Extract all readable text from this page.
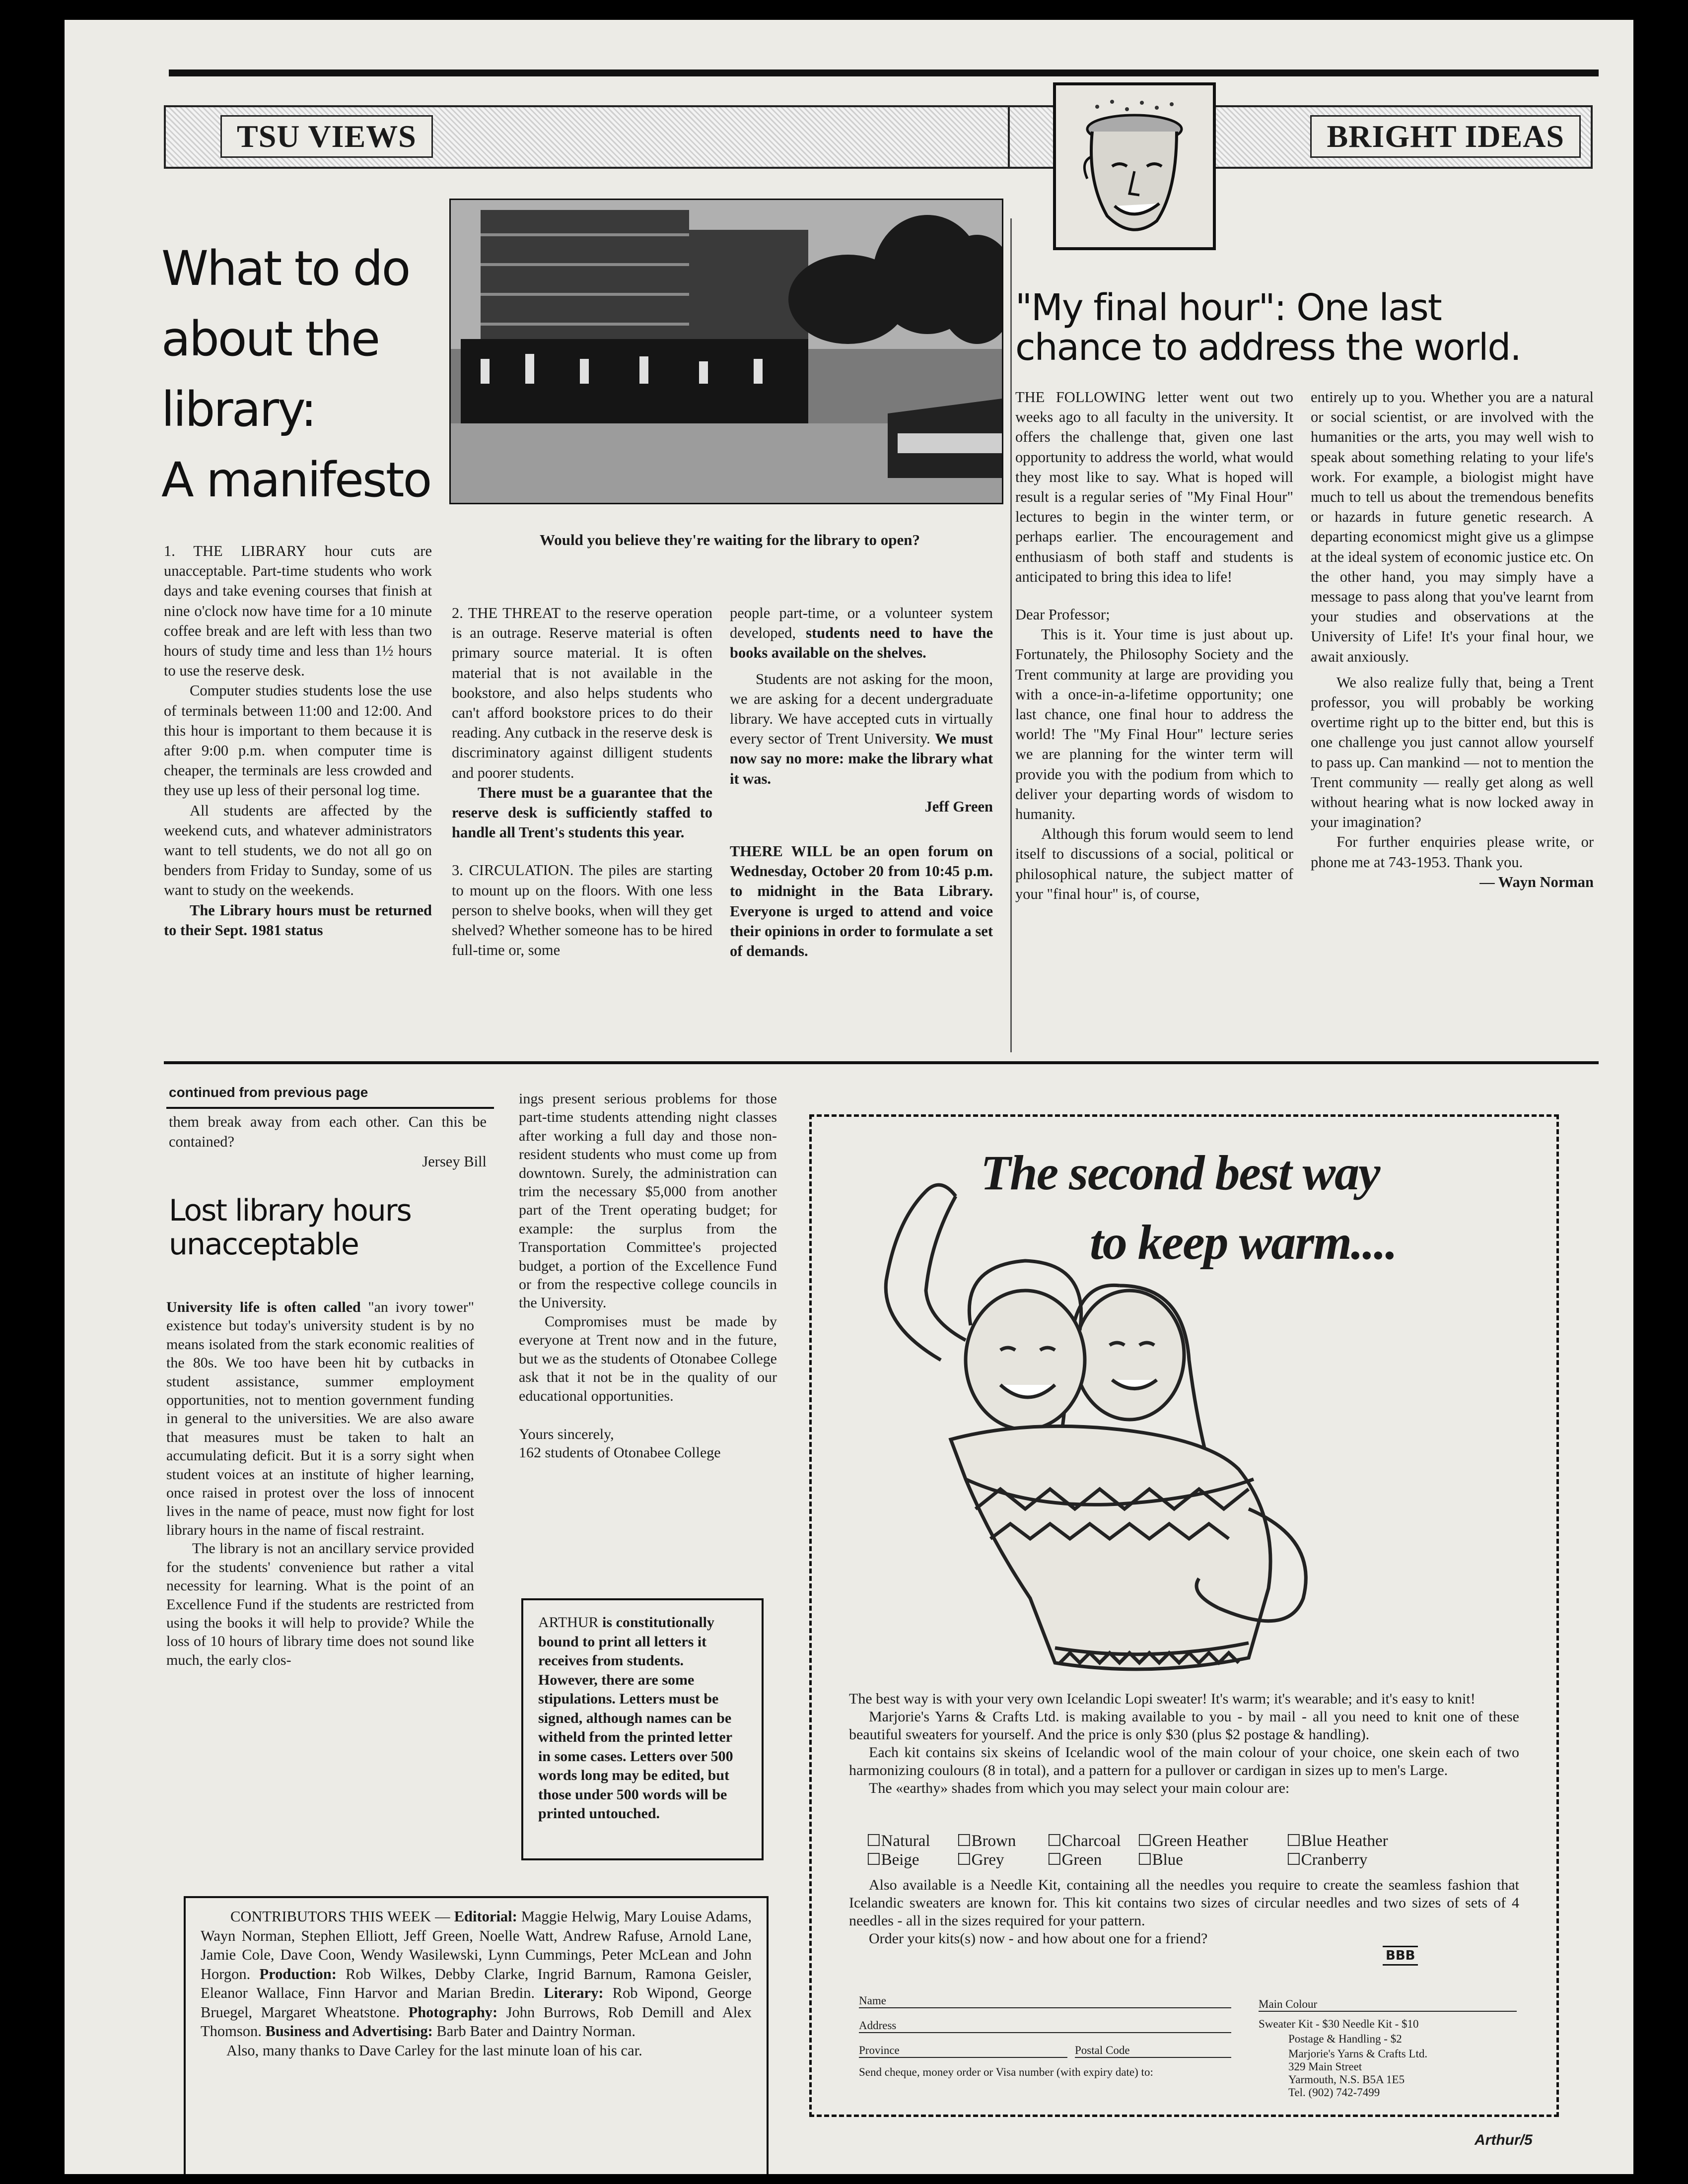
TSU VIEWS	BRIGHT IDEAS
What to do
about the
library:
A manifesto
Would you believe they're waiting for the library to open?

1. THE LIBRARY hour cuts are unacceptable. Part-time students who work days and take evening courses that finish at nine o'clock now have time for a 10 minute coffee break and are left with less than two hours of study time and less than 1½ hours to use the reserve desk.

Computer studies students lose the use of terminals between 11:00 and 12:00. And this hour is important to them because it is after 9:00 p.m. when computer time is cheaper, the terminals are less crowded and they use up less of their personal log time.

All students are affected by the weekend cuts, and whatever administrators want to tell students, we do not all go on benders from Friday to Sunday, some of us want to study on the weekends.

The Library hours must be returned to their Sept. 1981 status

2. THE THREAT to the reserve operation is an outrage. Reserve material is often primary source material. It is often material that is not available in the bookstore, and also helps students who can't afford bookstore prices to do their reading. Any cutback in the reserve desk is discriminatory against dilligent students and poorer students.

There must be a guarantee that the reserve desk is sufficiently staffed to handle all Trent's students this year.

3. CIRCULATION. The piles are starting to mount up on the floors. With one less person to shelve books, when will they get shelved? Whether someone has to be hired full-time or, some

people part-time, or a volunteer system developed, students need to have the books available on the shelves.

Students are not asking for the moon, we are asking for a decent undergraduate library. We have accepted cuts in virtually every sector of Trent University. We must now say no more: make the library what it was.

Jeff Green

THERE WILL be an open forum on Wednesday, October 20 from 10:45 p.m. to midnight in the Bata Library. Everyone is urged to attend and voice their opinions in order to formulate a set of demands.

"My final hour": One last
chance to address the world.

THE FOLLOWING letter went out two weeks ago to all faculty in the university. It offers the challenge that, given one last opportunity to address the world, what would they most like to say. What is hoped will result is a regular series of "My Final Hour" lectures to begin in the winter term, or perhaps earlier. The encouragement and enthusiasm of both staff and students is anticipated to bring this idea to life!

Dear Professor;

This is it. Your time is just about up. Fortunately, the Philosophy Society and the Trent community at large are providing you with a once-in-a-lifetime opportunity; one last chance, one final hour to address the world! The "My Final Hour" lecture series we are planning for the winter term will provide you with the podium from which to deliver your departing words of wisdom to humanity.

Although this forum would seem to lend itself to discussions of a social, political or philosophical nature, the subject matter of your "final hour" is, of course,

entirely up to you. Whether you are a natural or social scientist, or are involved with the humanities or the arts, you may well wish to speak about something relating to your life's work. For example, a biologist might have much to tell us about the tremendous benefits or hazards in future genetic research. A departing economicst might give us a glimpse at the ideal system of economic justice etc. On the other hand, you may simply have a message to pass along that you've learnt from your studies and observations at the University of Life! It's your final hour, we await anxiously.

We also realize fully that, being a Trent professor, you will probably be working overtime right up to the bitter end, but this is one challenge you just cannot allow yourself to pass up. Can mankind — not to mention the Trent community — really get along as well without hearing what is now locked away in your imagination?

For further enquiries please write, or phone me at 743-1953. Thank you.

— Wayn Norman

continued from previous page

them break away from each other. Can this be contained?

Jersey Bill

Lost library hours
unacceptable

University life is often called "an ivory tower" existence but today's university student is by no means isolated from the stark economic realities of the 80s. We too have been hit by cutbacks in student assistance, summer employment opportunities, not to mention government funding in general to the universities. We are also aware that measures must be taken to halt an accumulating deficit. But it is a sorry sight when student voices at an institute of higher learning, once raised in protest over the loss of innocent lives in the name of peace, must now fight for lost library hours in the name of fiscal restraint.

The library is not an ancillary service provided for the students' convenience but rather a vital necessity for learning. What is the point of an Excellence Fund if the students are restricted from using the books it will help to provide? While the loss of 10 hours of library time does not sound like much, the early clos-

ings present serious problems for those part-time students attending night classes after working a full day and those non-resident students who must come up from downtown. Surely, the administration can trim the necessary $5,000 from another part of the Trent operating budget; for example: the surplus from the Transportation Committee's projected budget, a portion of the Excellence Fund or from the respective college councils in the University.

Compromises must be made by everyone at Trent now and in the future, but we as the students of Otonabee College ask that it not be in the quality of our educational opportunities.

Yours sincerely,

162 students of Otonabee College

ARTHUR is constitutionally bound to print all letters it receives from students. However, there are some stipulations. Letters must be signed, although names can be witheld from the printed letter in some cases. Letters over 500 words long may be edited, but those under 500 words will be printed untouched.

CONTRIBUTORS THIS WEEK — Editorial: Maggie Helwig, Mary Louise Adams, Wayn Norman, Stephen Elliott, Jeff Green, Noelle Watt, Andrew Rafuse, Arnold Lane, Jamie Cole, Dave Coon, Wendy Wasilewski, Lynn Cummings, Peter McLean and John Horgon. Production: Rob Wilkes, Debby Clarke, Ingrid Barnum, Ramona Geisler, Eleanor Wallace, Finn Harvor and Marian Bredin. Literary: Rob Wipond, George Bruegel, Margaret Wheatstone. Photography: John Burrows, Rob Demill and Alex Thomson. Business and Advertising: Barb Bater and Daintry Norman.

Also, many thanks to Dave Carley for the last minute loan of his car.

The second best way
to keep warm....

The best way is with your very own Icelandic Lopi sweater! It's warm; it's wearable; and it's easy to knit!

Marjorie's Yarns & Crafts Ltd. is making available to you - by mail - all you need to knit one of these beautiful sweaters for yourself. And the price is only $30 (plus $2 postage & handling).

Each kit contains six skeins of Icelandic wool of the main colour of your choice, one skein each of two harmonizing coulours (8 in total), and a pattern for a pullover or cardigan in sizes up to men's Large.

The «earthy» shades from which you may select your main colour are:

☐Natural ☐Brown ☐Charcoal ☐Green Heather ☐Blue Heather
☐Beige ☐Grey	☐Green ☐Blue	☐Cranberry

Also available is a Needle Kit, containing all the needles you require to create the seamless fashion that Icelandic sweaters are known for. This kit contains two sizes of circular needles and two sizes of sets of 4 needles - all in the sizes required for your pattern.

Order your kits(s) now - and how about one for a friend?

BBB
Name
Address
Province	Postal Code
Send cheque, money order or Visa number (with expiry date) to:
Main Colour
Sweater Kit - $30 Needle Kit - $10
Postage & Handling - $2
Marjorie's Yarns & Crafts Ltd.
329 Main Street
Yarmouth, N.S. B5A 1E5
Tel. (902) 742-7499
Arthur/5
